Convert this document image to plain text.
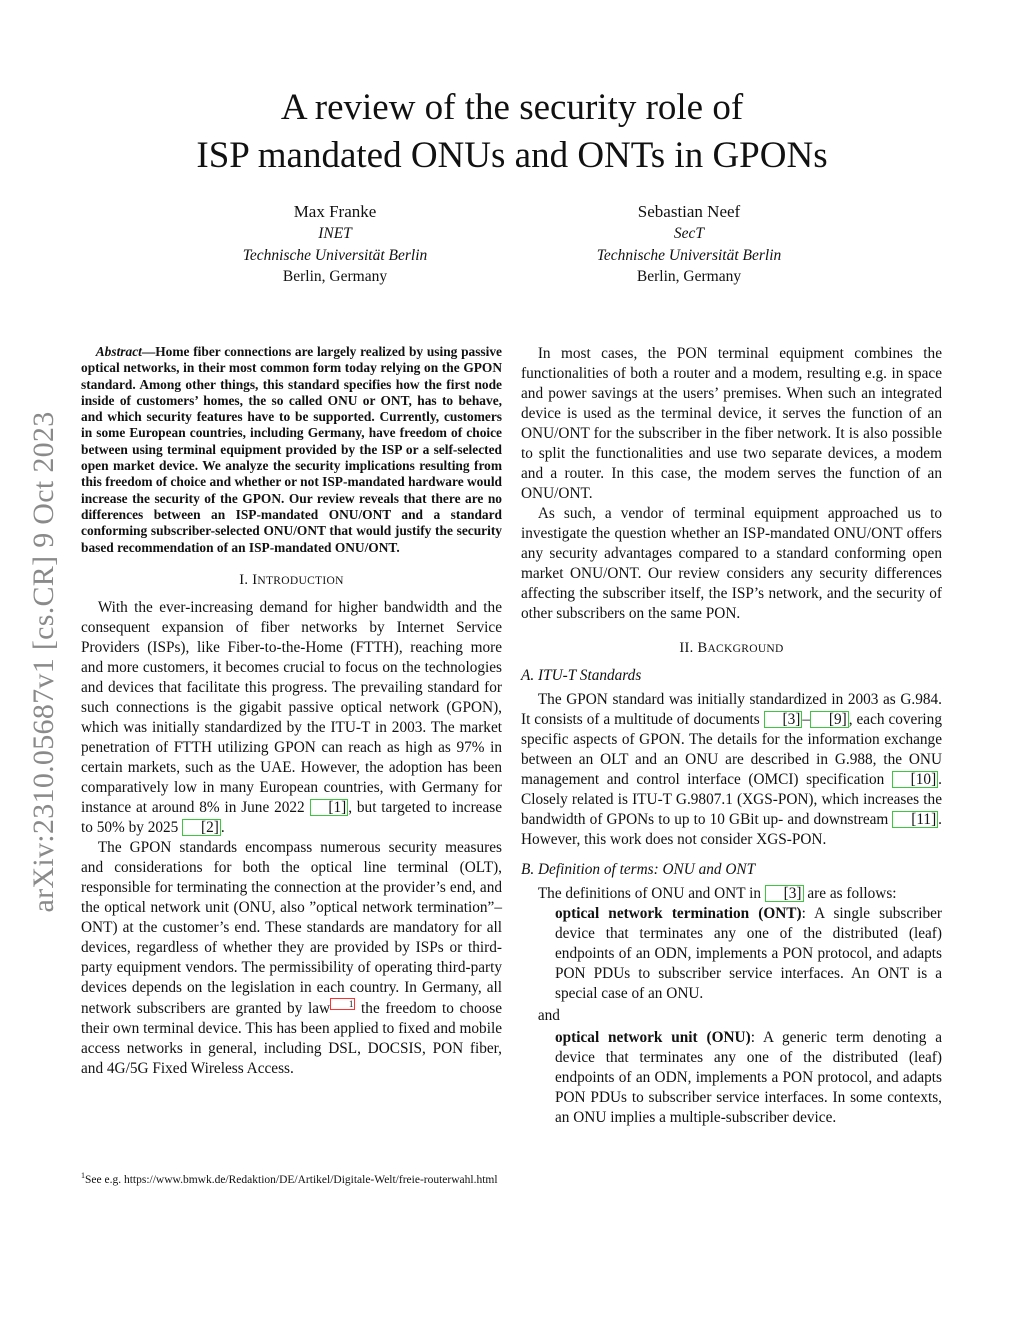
A review of the security role of
ISP mandated ONUs and ONTs in GPONs
Max Franke
INET
Technische Universität Berlin
Berlin, Germany
Sebastian Neef
SecT
Technische Universität Berlin
Berlin, Germany
arXiv:2310.05687v1 [cs.CR] 9 Oct 2023

Abstract—Home fiber connections are largely realized by using passive optical networks, in their most common form today relying on the GPON standard. Among other things, this standard specifies how the first node inside of customers’ homes, the so called ONU or ONT, has to behave, and which security features have to be supported. Currently, customers in some European countries, including Germany, have freedom of choice between using terminal equipment provided by the ISP or a self-selected open market device. We analyze the security implications resulting from this freedom of choice and whether or not ISP-mandated hardware would increase the security of the GPON. Our review reveals that there are no differences between an ISP-mandated ONU/ONT and a standard conforming subscriber-selected ONU/ONT that would justify the security based recommendation of an ISP-mandated ONU/ONT.

I. INTRODUCTION

With the ever-increasing demand for higher bandwidth and the consequent expansion of fiber networks by Internet Service Providers (ISPs), like Fiber-to-the-Home (FTTH), reaching more and more customers, it becomes crucial to focus on the technologies and devices that facilitate this progress. The prevailing standard for such connections is the gigabit passive optical network (GPON), which was initially standardized by the ITU-T in 2003. The market penetration of FTTH utilizing GPON can reach as high as 97% in certain markets, such as the UAE. However, the adoption has been comparatively low in many European countries, with Germany for instance at around 8% in June 2022 [1] , but targeted to increase to 50% by 2025 [2] .

The GPON standards encompass numerous security measures and considerations for both the optical line terminal (OLT), responsible for terminating the connection at the provider’s end, and the optical network unit (ONU, also ”optical network termination”– ONT) at the customer’s end. These standards are mandatory for all devices, regardless of whether they are provided by ISPs or third-party equipment vendors. The permissibility of operating third-party devices depends on the legislation in each country. In Germany, all network subscribers are granted by law 1 the freedom to choose their own terminal device. This has been applied to fixed and mobile access networks in general, including DSL, DOCSIS, PON fiber, and 4G/5G Fixed Wireless Access.

$^1$See e.g. https://www.bmwk.de/Redaktion/DE/Artikel/Digitale-Welt/freie-routerwahl.html

In most cases, the PON terminal equipment combines the functionalities of both a router and a modem, resulting e.g. in space and power savings at the users’ premises. When such an integrated device is used as the terminal device, it serves the function of an ONU/ONT for the subscriber in the fiber network. It is also possible to split the functionalities and use two separate devices, a modem and a router. In this case, the modem serves the function of an ONU/ONT.

As such, a vendor of terminal equipment approached us to investigate the question whether an ISP-mandated ONU/ONT offers any security advantages compared to a standard conforming open market ONU/ONT. Our review considers any security differences affecting the subscriber itself, the ISP’s network, and the security of other subscribers on the same PON.

II. BACKGROUND
A. ITU-T Standards

The GPON standard was initially standardized in 2003 as G.984. It consists of a multitude of documents [3] – [9] , each covering specific aspects of GPON. The details for the information exchange between an OLT and an ONU are described in G.988, the ONU management and control interface (OMCI) specification [10] . Closely related is ITU-T G.9807.1 (XGS-PON), which increases the bandwidth of GPONs to up to 10 GBit up- and downstream [11] . However, this work does not consider XGS-PON.

B. Definition of terms: ONU and ONT

The definitions of ONU and ONT in [3] are as follows:

optical network termination (ONT): A single subscriber device that terminates any one of the distributed (leaf) endpoints of an ODN, implements a PON protocol, and adapts PON PDUs to subscriber service interfaces. An ONT is a special case of an ONU.

and

optical network unit (ONU): A generic term denoting a device that terminates any one of the distributed (leaf) endpoints of an ODN, implements a PON protocol, and adapts PON PDUs to subscriber service interfaces. In some contexts, an ONU implies a multiple-subscriber device.
